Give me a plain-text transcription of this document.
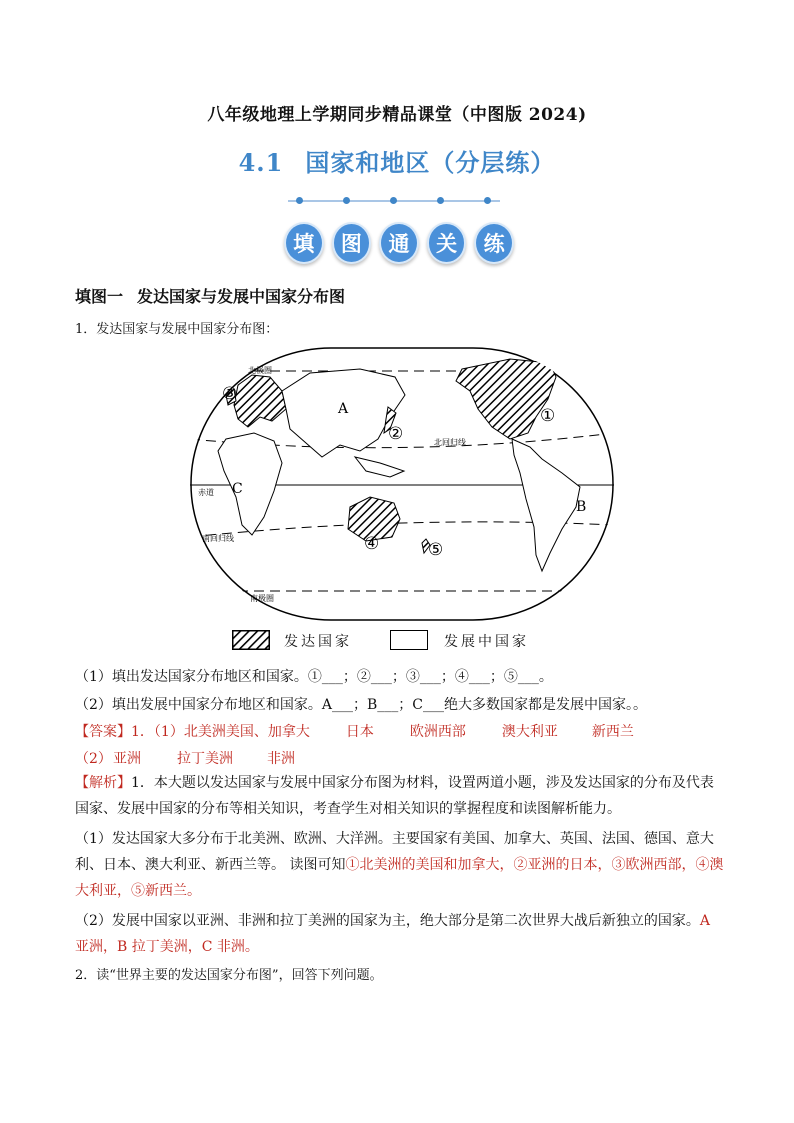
八年级地理上学期同步精品课堂（中图版 2024)
4.1 国家和地区（分层练）
填	图	通	关	练
填图一 发达国家与发展中国家分布图
1．发达国家与发展中国家分布图：
北极圈
北回归线
赤道
南回归线
南极圈
A
B
C
①
②
③
④	⑤
发达国家	发展中国家
（1）填出发达国家分布地区和国家。①___；②___；③___；④___；⑤___。
（2）填出发展中国家分布地区和国家。A___；B___；C___绝大多数国家都是发展中国家。。
【答案】1．（1）北美洲美国、加拿大	日本	欧洲西部	澳大利亚 新西兰
（2）亚洲	拉丁美洲 非洲
【解析】1．本大题以发达国家与发展中国家分布图为材料，设置两道小题，涉及发达国家的分布及代表国家、发展中国家的分布等相关知识，考查学生对相关知识的掌握程度和读图解析能力。
（1）发达国家大多分布于北美洲、欧洲、大洋洲。主要国家有美国、加拿大、英国、法国、德国、意大利、日本、澳大利亚、新西兰等。 读图可知①北美洲的美国和加拿大，②亚洲的日本，③欧洲西部，④澳大利亚，⑤新西兰。
（2）发展中国家以亚洲、非洲和拉丁美洲的国家为主，绝大部分是第二次世界大战后新独立的国家。A 亚洲，B 拉丁美洲，C 非洲。
2．读“世界主要的发达国家分布图”，回答下列问题。
